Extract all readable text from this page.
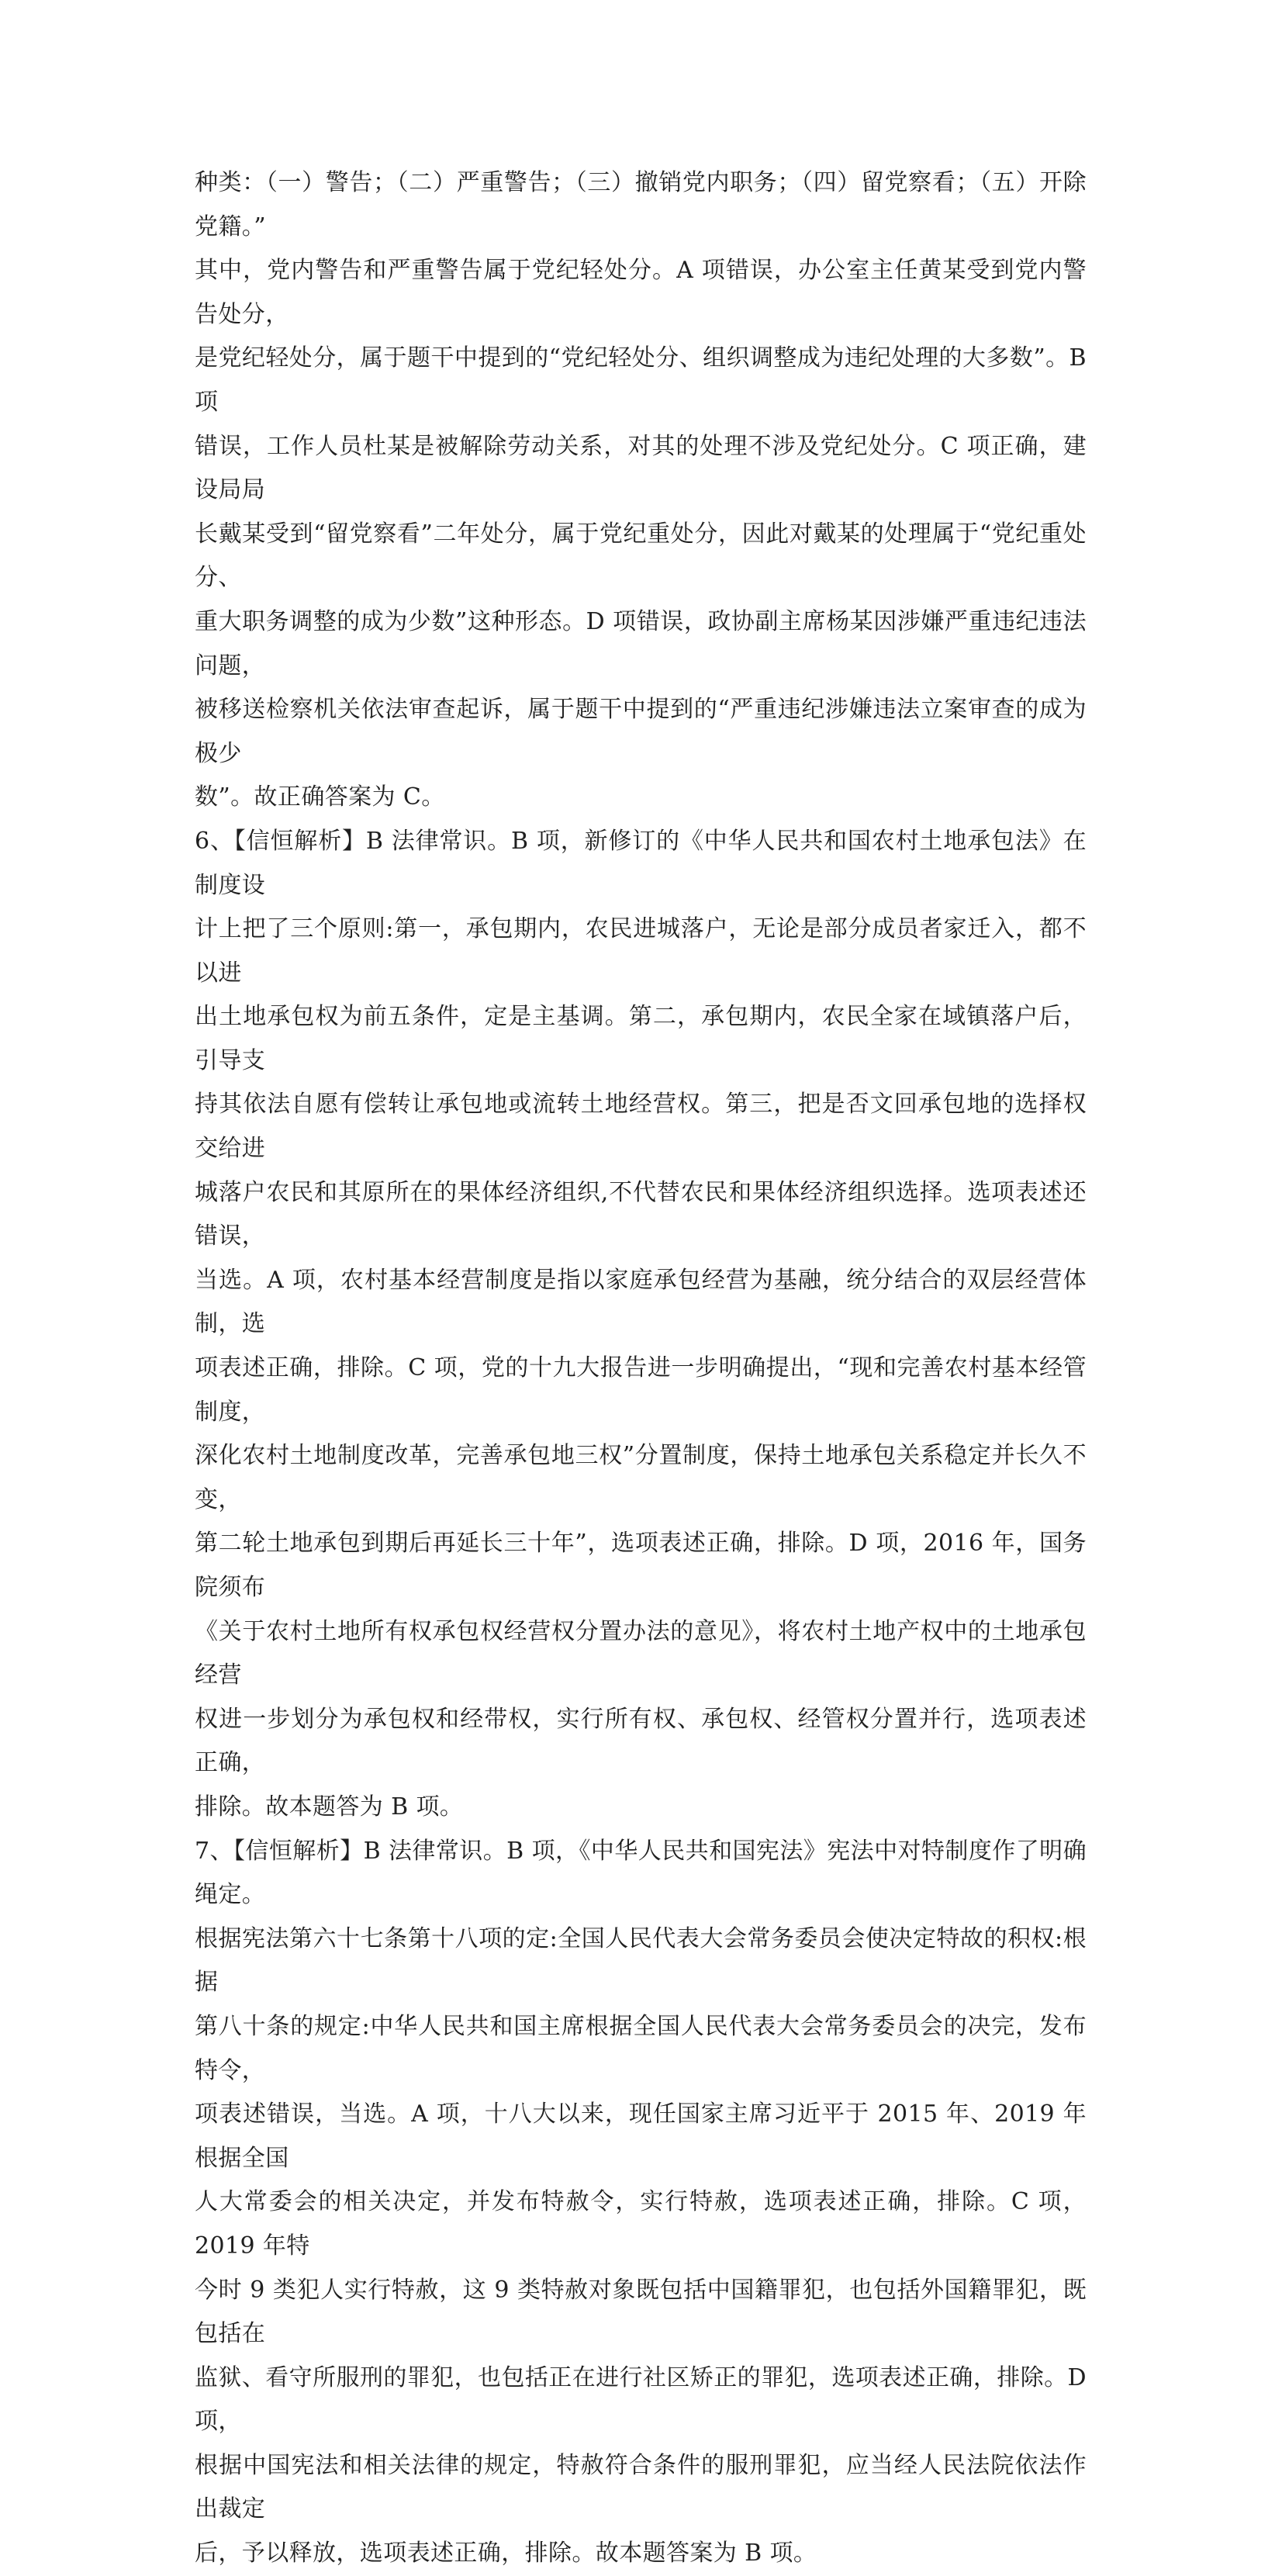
种类：（一）警告；（二）严重警告；（三）撤销党内职务；（四）留党察看；（五）开除党籍。”
其中，党内警告和严重警告属于党纪轻处分。A 项错误，办公室主任黄某受到党内警告处分，
是党纪轻处分，属于题干中提到的“党纪轻处分、组织调整成为违纪处理的大多数”。B 项
错误，工作人员杜某是被解除劳动关系，对其的处理不涉及党纪处分。C 项正确，建设局局
长戴某受到“留党察看”二年处分，属于党纪重处分，因此对戴某的处理属于“党纪重处分、
重大职务调整的成为少数”这种形态。D 项错误，政协副主席杨某因涉嫌严重违纪违法问题，
被移送检察机关依法审查起诉，属于题干中提到的“严重违纪涉嫌违法立案审查的成为极少
数”。故正确答案为 C。

6、【信恒解析】B 法律常识。B 项，新修订的《中华人民共和国农村土地承包法》在制度设
计上把了三个原则:第一，承包期内，农民进城落户，无论是部分成员者家迁入，都不以进
出土地承包权为前五条件，定是主基调。第二，承包期内，农民全家在域镇落户后，引导支
持其依法自愿有偿转让承包地或流转土地经营权。第三，把是否文回承包地的选择权交给进
城落户农民和其原所在的果体经济组织,不代替农民和果体经济组织选择。选项表述还错误，
当选。A 项，农村基本经营制度是指以家庭承包经营为基融，统分结合的双层经营体制，选
项表述正确，排除。C 项，党的十九大报告进一步明确提出，“现和完善农村基本经管制度，
深化农村土地制度改革，完善承包地三权”分置制度，保持土地承包关系稳定并长久不变，
第二轮土地承包到期后再延长三十年”，选项表述正确，排除。D 项，2016 年，国务院须布
《关于农村土地所有权承包权经营权分置办法的意见》，将农村土地产权中的土地承包经营
权进一步划分为承包权和经带权，实行所有权、承包权、经管权分置并行，选项表述正确，
排除。故本题答为 B 项。

7、【信恒解析】B 法律常识。B 项，《中华人民共和国宪法》宪法中对特制度作了明确绳定。
根据宪法第六十七条第十八项的定:全国人民代表大会常务委员会使决定特故的积权:根据
第八十条的规定:中华人民共和国主席根据全国人民代表大会常务委员会的决完，发布特令，
项表述错误，当选。A 项，十八大以来，现任国家主席习近平于 2015 年、2019 年根据全国
人大常委会的相关决定，并发布特赦令，实行特赦，选项表述正确，排除。C 项，2019 年特
今时 9 类犯人实行特赦，这 9 类特赦对象既包括中国籍罪犯，也包括外国籍罪犯，既包括在
监狱、看守所服刑的罪犯，也包括正在进行社区矫正的罪犯，选项表述正确，排除。D 项，
根据中国宪法和相关法律的规定，特赦符合条件的服刑罪犯，应当经人民法院依法作出裁定
后，予以释放，选项表述正确，排除。故本题答案为 B 项。
